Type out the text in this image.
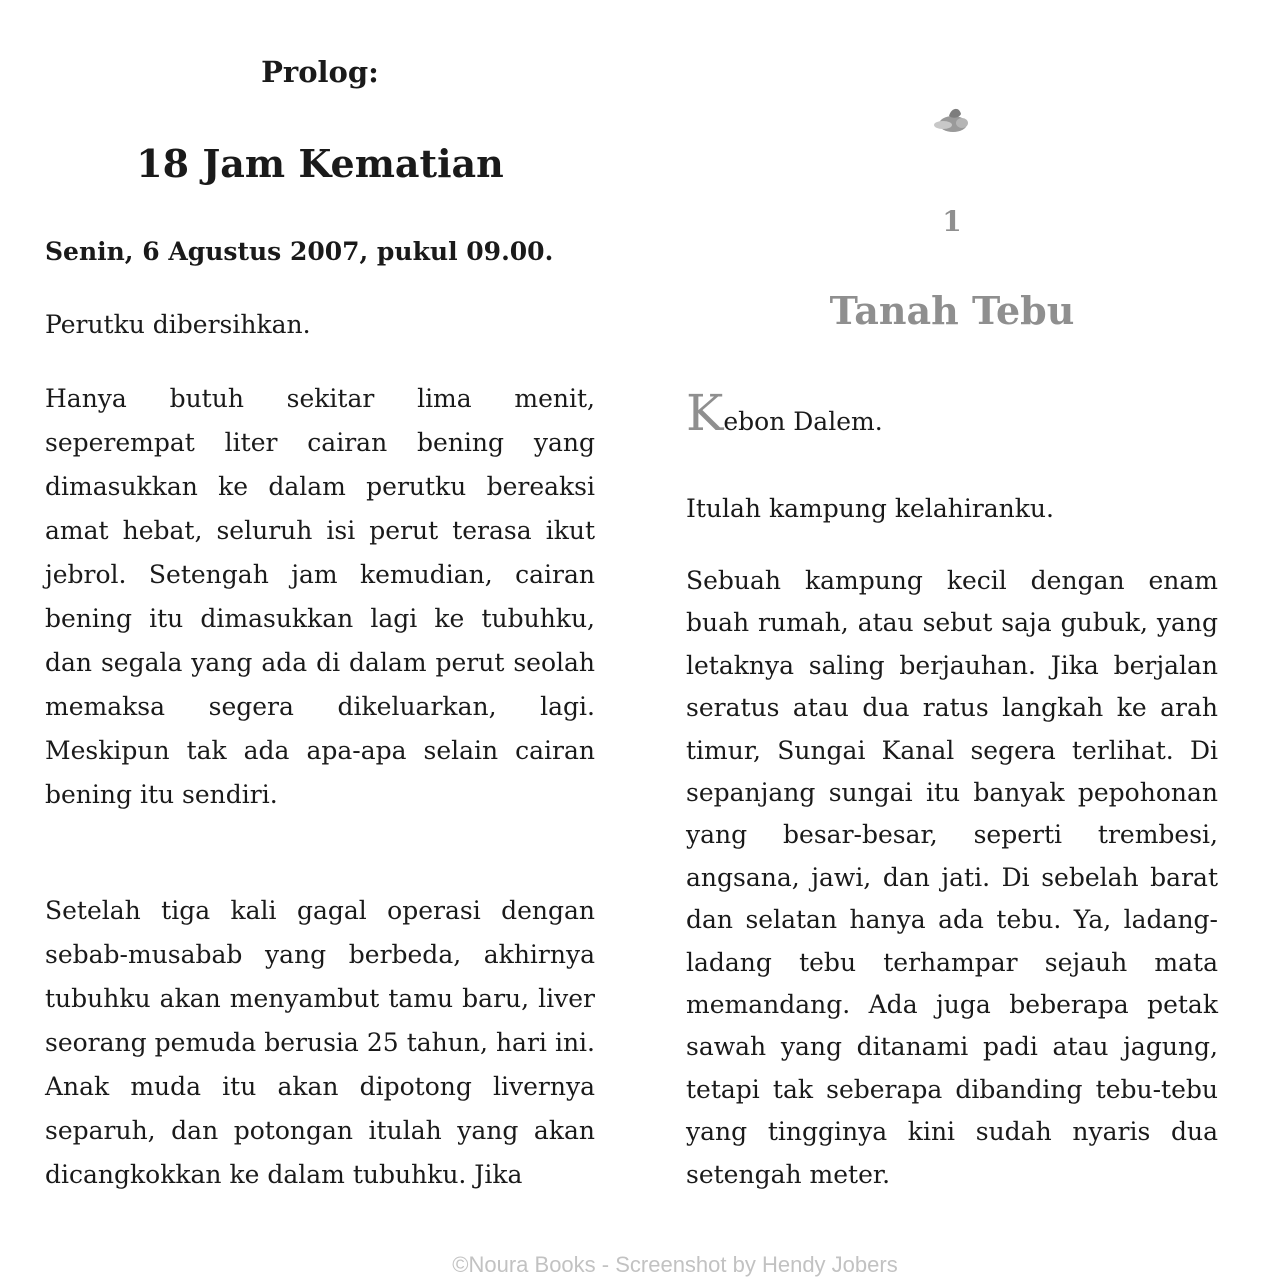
Prolog:
18 Jam Kematian
Senin, 6 Agustus 2007, pukul 09.00.

Perutku dibersihkan.

Hanya butuh sekitar lima menit, seperempat liter cairan bening yang dimasukkan ke dalam perutku bereaksi amat hebat, seluruh isi perut terasa ikut jebrol. Setengah jam kemudian, cairan bening itu dimasukkan lagi ke tubuhku, dan segala yang ada di dalam perut seolah memaksa segera dikeluarkan, lagi. Meskipun tak ada apa-apa selain cairan bening itu sendiri.

Setelah tiga kali gagal operasi dengan sebab-musabab yang berbeda, akhirnya tubuhku akan menyambut tamu baru, liver seorang pemuda berusia 25 tahun, hari ini. Anak muda itu akan dipotong livernya separuh, dan potongan itulah yang akan dicangkokkan ke dalam tubuhku. Jika

1
Tanah Tebu
Kebon Dalem.

Itulah kampung kelahiranku.

Sebuah kampung kecil dengan enam buah rumah, atau sebut saja gubuk, yang letaknya saling berjauhan. Jika berjalan seratus atau dua ratus langkah ke arah timur, Sungai Kanal segera terlihat. Di sepanjang sungai itu banyak pepohonan yang besar-besar, seperti trembesi, angsana, jawi, dan jati. Di sebelah barat dan selatan hanya ada tebu. Ya, ladang-ladang tebu terhampar sejauh mata memandang. Ada juga beberapa petak sawah yang ditanami padi atau jagung, tetapi tak seberapa dibanding tebu-tebu yang tingginya kini sudah nyaris dua setengah meter.

©Noura Books - Screenshot by Hendy Jobers
